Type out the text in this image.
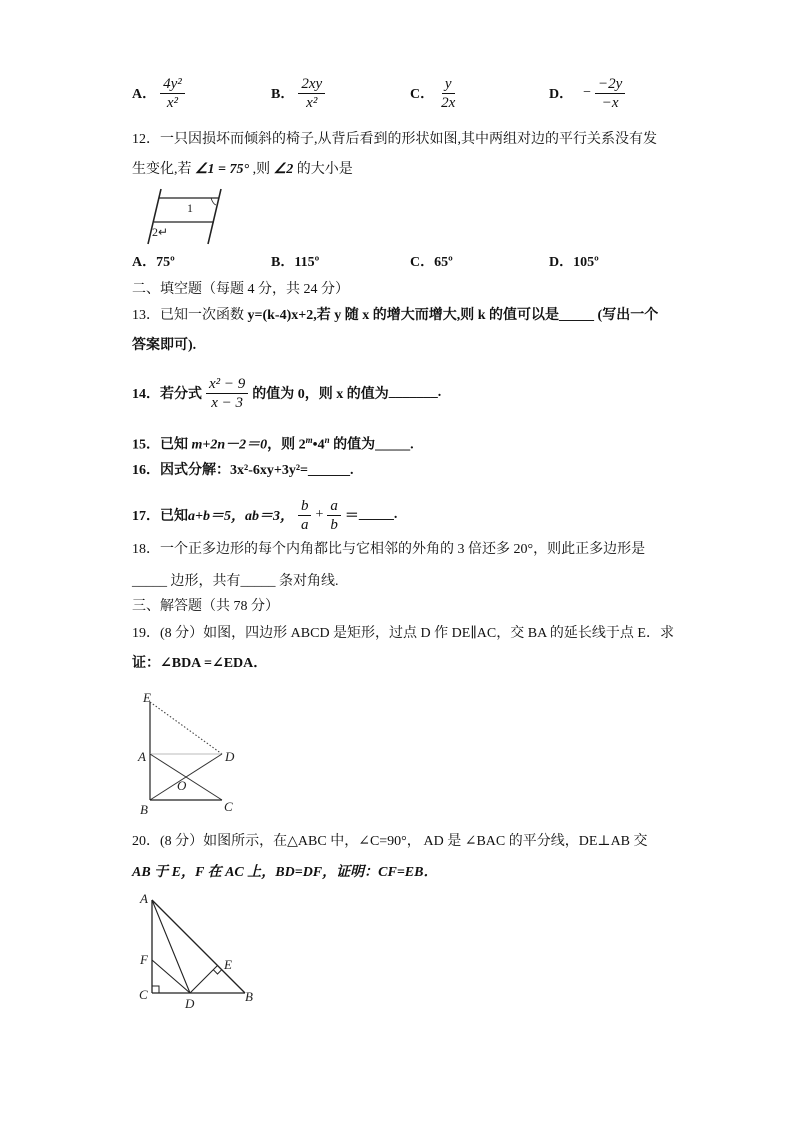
A． $\frac{\text{4y²}}{\text{x²}}$	B． $\frac{2xy}{\text{x²}}$	C． $\frac{y}{2x}$	D． − $\frac{-2y}{-x}$
12．一只因损坏而倾斜的椅子,从背后看到的形状如图,其中两组对边的平行关系没有发
生变化,若 ∠1 = 75° ,则 ∠2 的大小是
1
2↵
A．75º	B．115º	C．65º	D．105º
二、填空题（每题 4 分，共 24 分）
13．已知一次函数 y=(k-4)x+2,若 y 随 x 的增大而增大,则 k 的值可以是_____ (写出一个
答案即可).
14．若分式 $\frac{\text{x² − 9}}{x - 3}$ 的值为 0，则 x 的值为 _______ .
15．已知 m+2n－2＝0，则 2$^m$•4$^n$ 的值为_____.
16．因式分解：3x²-6xy+3y²=______.
17．已知 a+b＝5，ab＝3， $\frac{b}{a} + \frac{a}{b}$ ＝ _____ .
18．一个正多边形的每个内角都比与它相邻的外角的 3 倍还多 20°，则此正多边形是
_____ 边形，共有_____ 条对角线.
三、解答题（共 78 分）
19．(8 分）如图，四边形 ABCD 是矩形，过点 D 作 DE∥AC，交 BA 的延长线于点 E．求
证：∠BDA =∠EDA．
E
A	D
O
B	C
20．(8 分）如图所示，在△ABC 中，∠C=90°， AD 是 ∠BAC 的平分线，DE⊥AB 交
AB 于 E，F 在 AC 上，BD=DF，证明：CF=EB．
A
F
C
D
E
B
